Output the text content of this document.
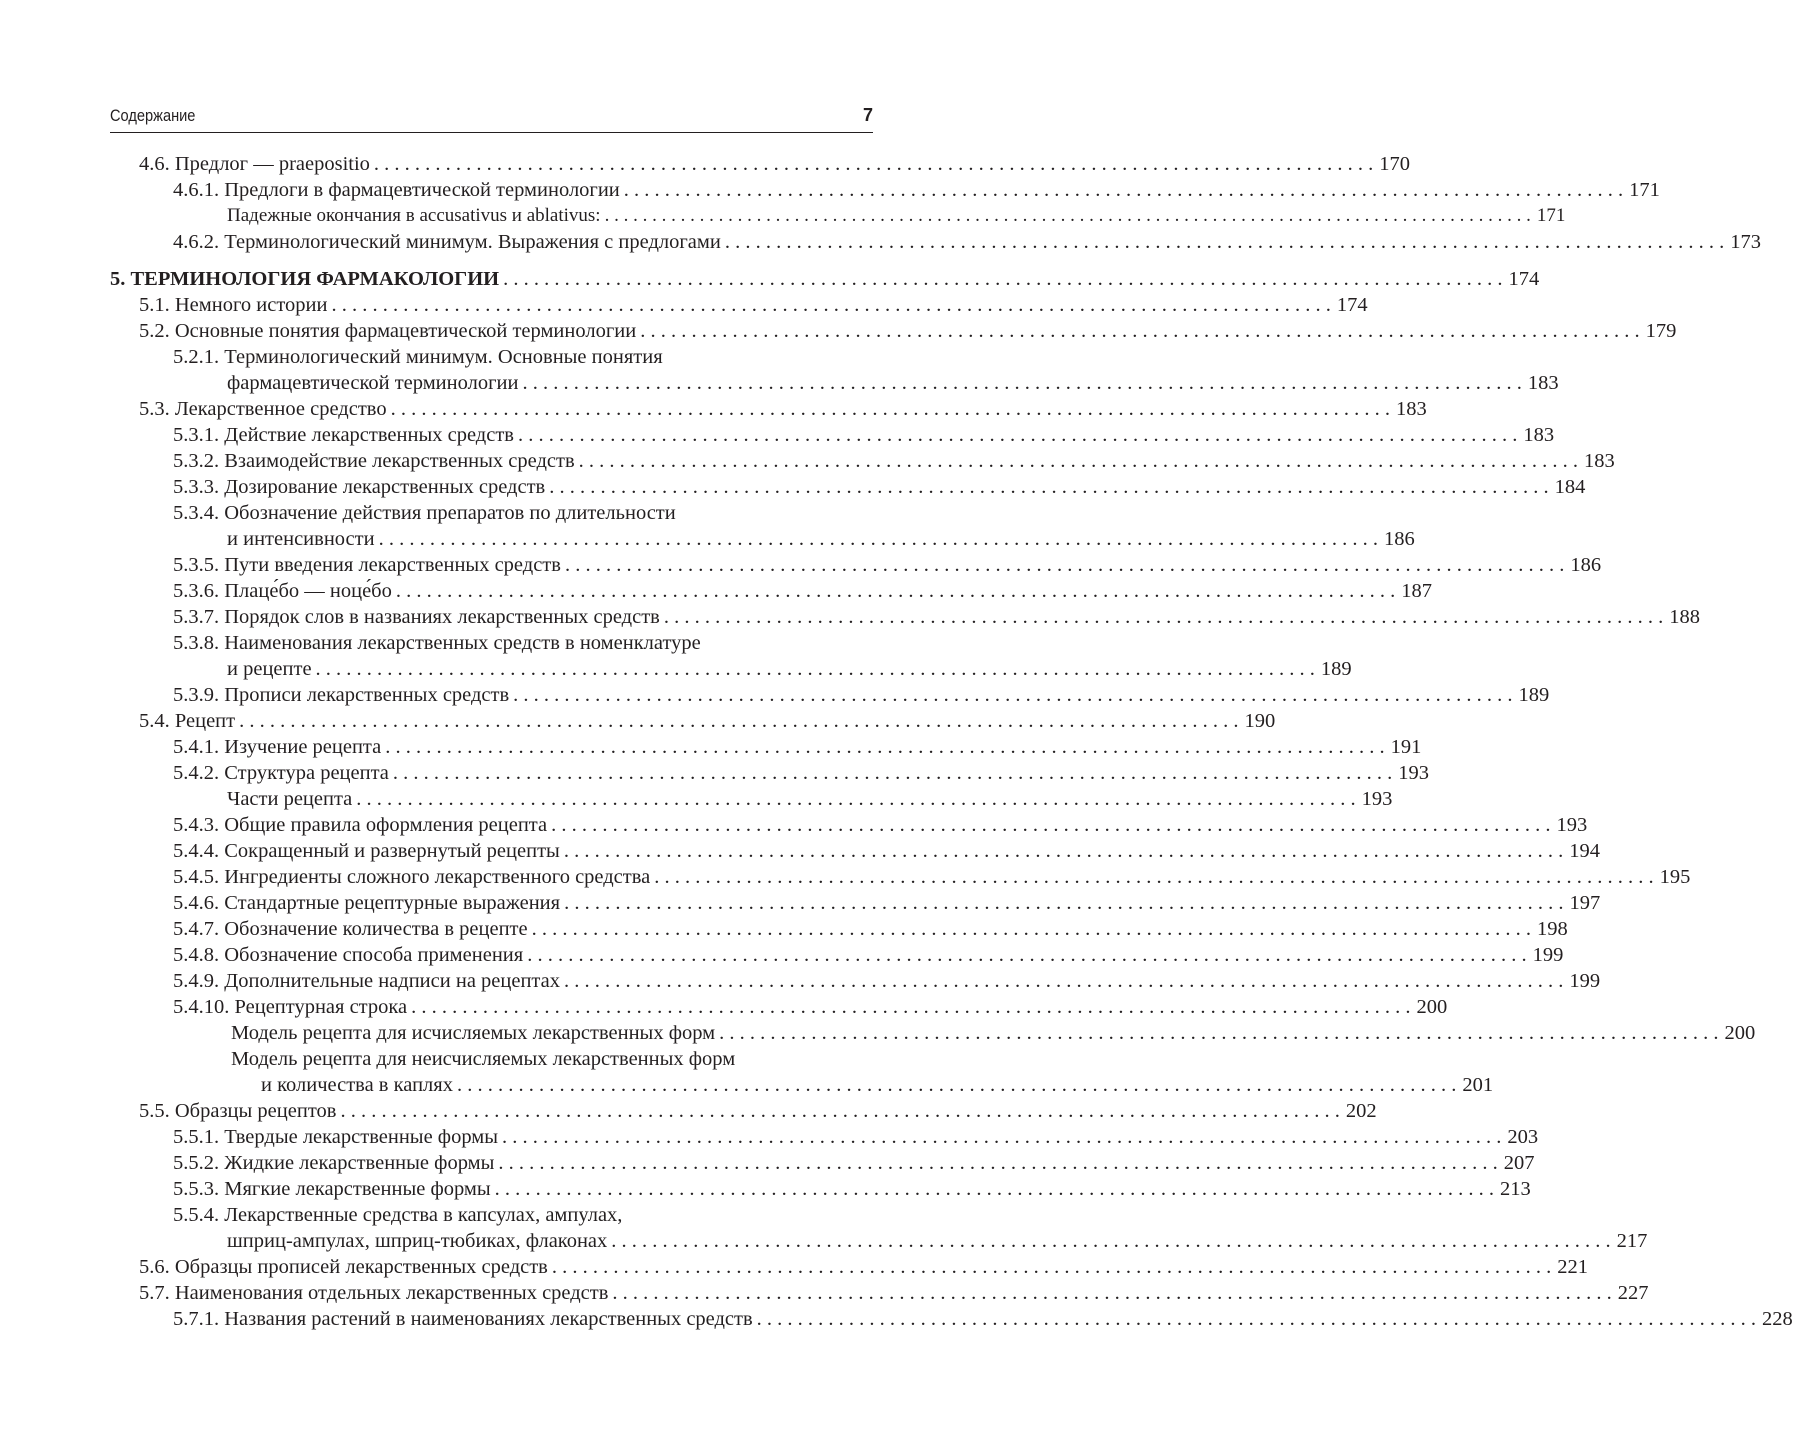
Содержание	7
4.6. Предлог — praepositio . . .	170
4.6.1. Предлоги в фармацевтической терминологии . . .	171
Падежные окончания в accusativus и ablativus: . . .	171
4.6.2. Терминологический минимум. Выражения с предлогами . . .	173
5. ТЕРМИНОЛОГИЯ ФАРМАКОЛОГИИ . . .	174
5.1. Немного истории . . .	174
5.2. Основные понятия фармацевтической терминологии . . .	179
5.2.1. Терминологический минимум. Основные понятия
фармацевтической терминологии . . .	183
5.3. Лекарственное средство . . .	183
5.3.1. Действие лекарственных средств . . .	183
5.3.2. Взаимодействие лекарственных средств . . .	183
5.3.3. Дозирование лекарственных средств . . .	184
5.3.4. Обозначение действия препаратов по длительности
и интенсивности . . .	186
5.3.5. Пути введения лекарственных средств . . .	186
5.3.6. Плаце́бо — ноце́бо . . .	187
5.3.7. Порядок слов в названиях лекарственных средств . . .	188
5.3.8. Наименования лекарственных средств в номенклатуре
и рецепте . . .	189
5.3.9. Прописи лекарственных средств . . .	189
5.4. Рецепт . . .	190
5.4.1. Изучение рецепта . . .	191
5.4.2. Структура рецепта . . .	193
Части рецепта . . .	193
5.4.3. Общие правила оформления рецепта . . .	193
5.4.4. Сокращенный и развернутый рецепты . . .	194
5.4.5. Ингредиенты сложного лекарственного средства . . .	195
5.4.6. Стандартные рецептурные выражения . . .	197
5.4.7. Обозначение количества в рецепте . . .	198
5.4.8. Обозначение способа применения . . .	199
5.4.9. Дополнительные надписи на рецептах . . .	199
5.4.10. Рецептурная строка . . .	200
Модель рецепта для исчисляемых лекарственных форм . . .	200
Модель рецепта для неисчисляемых лекарственных форм
и количества в каплях . . .	201
5.5. Образцы рецептов . . .	202
5.5.1. Твердые лекарственные формы . . .	203
5.5.2. Жидкие лекарственные формы . . .	207
5.5.3. Мягкие лекарственные формы . . .	213
5.5.4. Лекарственные средства в капсулах, ампулах,
шприц-ампулах, шприц-тюбиках, флаконах . . .	217
5.6. Образцы прописей лекарственных средств . . .	221
5.7. Наименования отдельных лекарственных средств . . .	227
5.7.1. Названия растений в наименованиях лекарственных средств . . .	228
